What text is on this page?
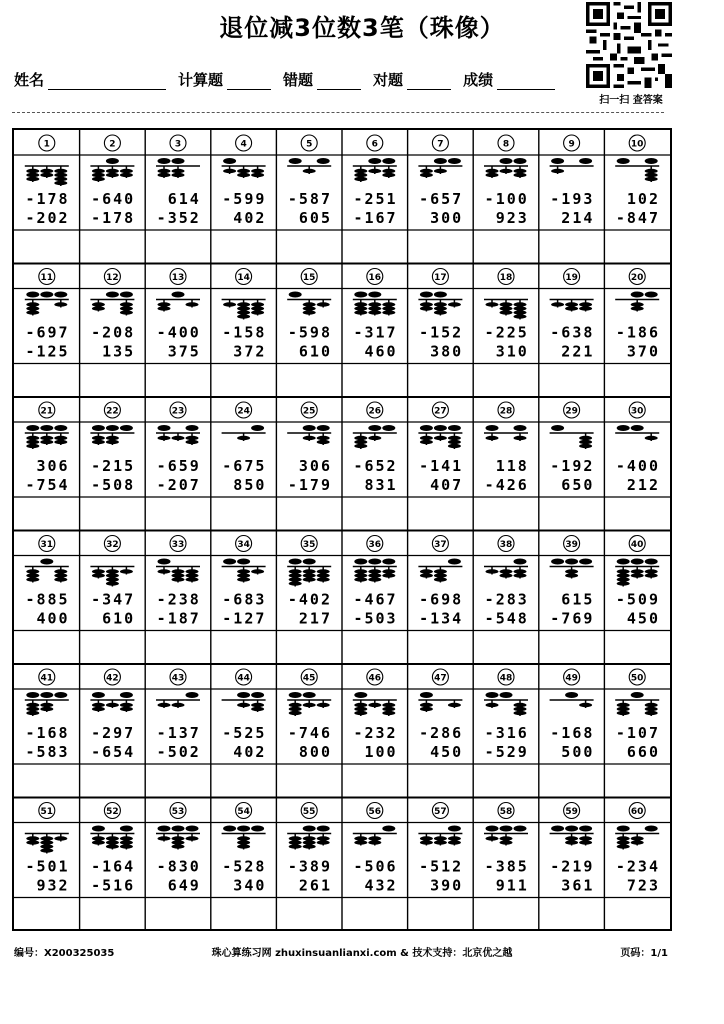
退位减3位数3笔（珠像）
扫一扫 查答案
姓名	计算题	错题	对题	成绩
1
-178
-202
2
-640
-178
3
614
-352
4
-599
402
5
-587
605
6
-251
-167
7
-657
300
8
-100
923
9
-193
214
10
102
-847
11
-697
-125
12
-208
135
13
-400
375
14
-158
372
15
-598
610
16
-317
460
17
-152
380
18
-225
310
19
-638
221
20
-186
370
21
306
-754
22
-215
-508
23
-659
-207
24
-675
850
25
306
-179
26
-652
831
27
-141
407
28
118
-426
29
-192
650
30
-400
212
31
-885
400
32
-347
610
33
-238
-187
34
-683
-127
35
-402
217
36
-467
-503
37
-698
-134
38
-283
-548
39
615
-769
40
-509
450
41
-168
-583
42
-297
-654
43
-137
-502
44
-525
402
45
-746
800
46
-232
100
47
-286
450
48
-316
-529
49
-168
500
50
-107
660
51
-501
932
52
-164
-516
53
-830
649
54
-528
340
55
-389
261
56
-506
432
57
-512
390
58
-385
911
59
-219
361
60
-234
723
编号：X200325035	珠心算练习网 zhuxinsuanlianxi.com & 技术支持：北京优之越	页码：1/1
